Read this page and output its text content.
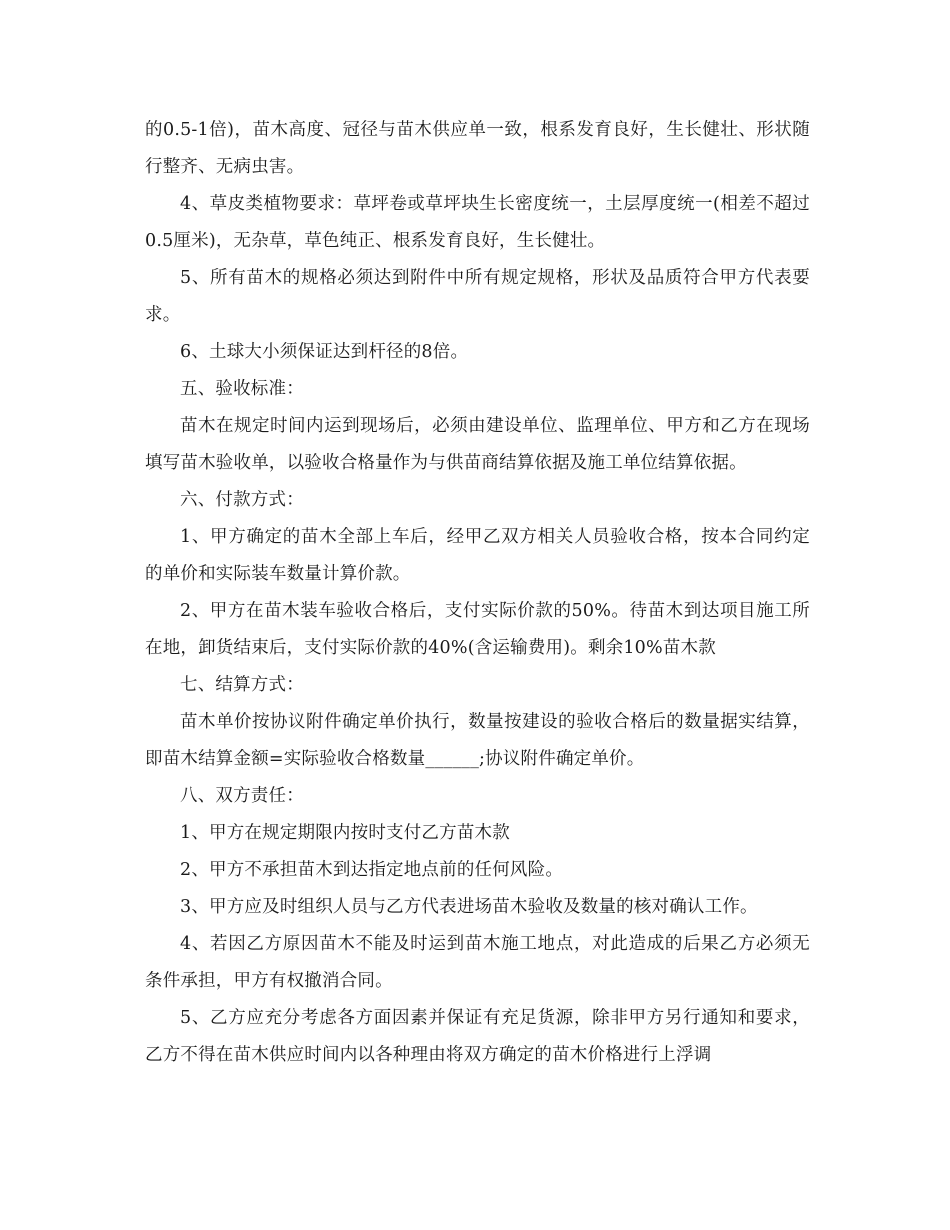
的0.5-1倍)，苗木高度、冠径与苗木供应单一致，根系发育良好，生长健壮、形状随行整齐、无病虫害。

4、草皮类植物要求：草坪卷或草坪块生长密度统一，土层厚度统一(相差不超过0.5厘米)，无杂草，草色纯正、根系发育良好，生长健壮。

5、所有苗木的规格必须达到附件中所有规定规格，形状及品质符合甲方代表要求。

6、土球大小须保证达到杆径的8倍。

五、验收标准：

苗木在规定时间内运到现场后，必须由建设单位、监理单位、甲方和乙方在现场填写苗木验收单，以验收合格量作为与供苗商结算依据及施工单位结算依据。

六、付款方式：

1、甲方确定的苗木全部上车后，经甲乙双方相关人员验收合格，按本合同约定的单价和实际装车数量计算价款。

2、甲方在苗木装车验收合格后，支付实际价款的50%。待苗木到达项目施工所在地，卸货结束后，支付实际价款的40%(含运输费用)。剩余10%苗木款

七、结算方式：

苗木单价按协议附件确定单价执行，数量按建设的验收合格后的数量据实结算，即苗木结算金额=实际验收合格数量______;协议附件确定单价。

八、双方责任：

1、甲方在规定期限内按时支付乙方苗木款

2、甲方不承担苗木到达指定地点前的任何风险。

3、甲方应及时组织人员与乙方代表进场苗木验收及数量的核对确认工作。

4、若因乙方原因苗木不能及时运到苗木施工地点，对此造成的后果乙方必须无条件承担，甲方有权撤消合同。

5、乙方应充分考虑各方面因素并保证有充足货源，除非甲方另行通知和要求，乙方不得在苗木供应时间内以各种理由将双方确定的苗木价格进行上浮调
